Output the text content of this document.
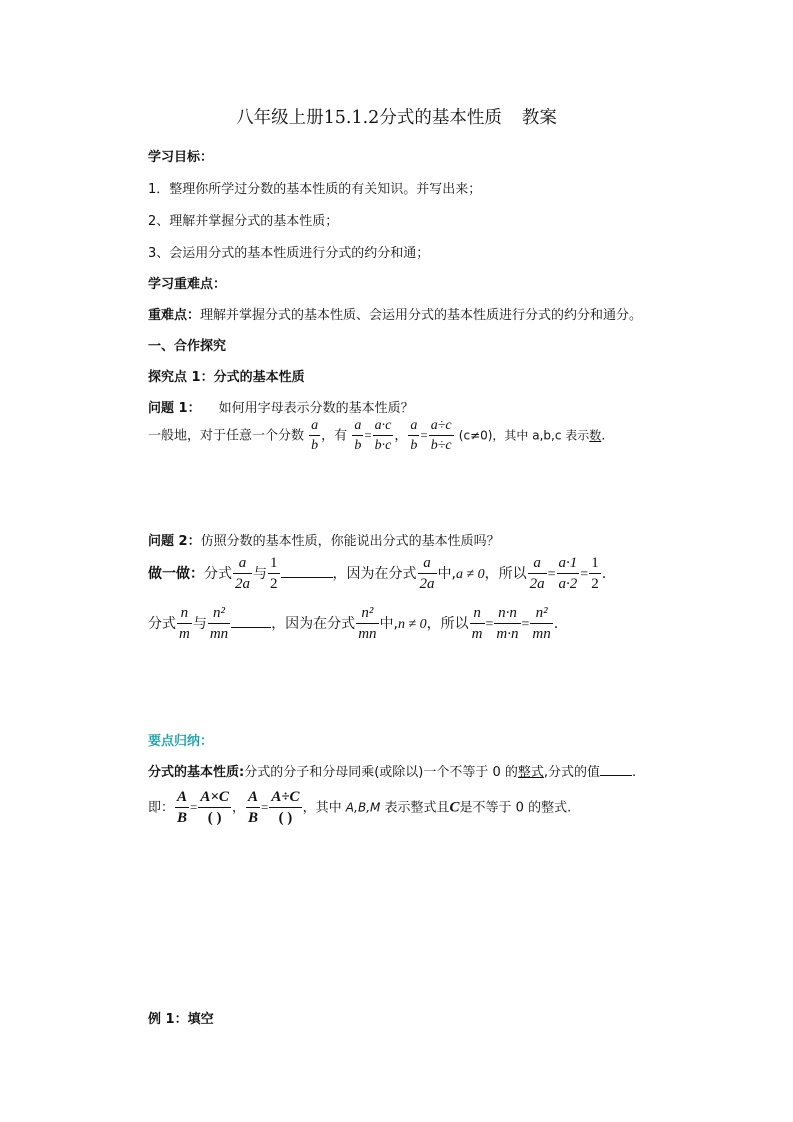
八年级上册15.1.2分式的基本性质 教案
学习目标：
1．整理你所学过分数的基本性质的有关知识。并写出来；
2、理解并掌握分式的基本性质；
3、会运用分式的基本性质进行分式的约分和通；
学习重难点：
重难点：理解并掌握分式的基本性质、会运用分式的基本性质进行分式的约分和通分。
一、合作探究
探究点 1：分式的基本性质
问题 1： 如何用字母表示分数的基本性质？
一般地，对于任意一个分数 $\frac{a}{b}$ ，有 $\frac{a}{b} = \frac{a\cdot c}{b\cdot c}$ ， $\frac{a}{b} = \frac{a\div c}{b\div c} (c\ne 0)$，其中 a,b,c 表示数.
问题 2：仿照分数的基本性质，你能说出分式的基本性质吗？
做一做：分式 $\frac{a}{2a}$ 与 $\frac{1}{2}$	，因为在分式 $\frac{a}{2a}$ 中,a ≠ 0，所以 $\frac{a}{2a} = \frac{a\cdot 1}{a\cdot 2} = \frac{1}{2}$ .
分式 $\frac{n}{m}$ 与 $\frac{\text{n²}}{mn}$	，因为在分式 $\frac{\text{n²}}{mn}$ 中,n ≠ 0，所以 $\frac{n}{m} = \frac{n\cdot n}{m\cdot n} = \frac{\text{n²}}{mn}$ .
要点归纳：
分式的基本性质:分式的分子和分母同乘(或除以)一个不等于 0 的整式,分式的值 .
即： $\frac{A}{B} = \frac{A\times C}{( )}$ ， $\frac{A}{B} = \frac{A\div C}{( )}$ ，其中 A,B,M 表示整式且C是不等于 0 的整式.
例 1：填空
